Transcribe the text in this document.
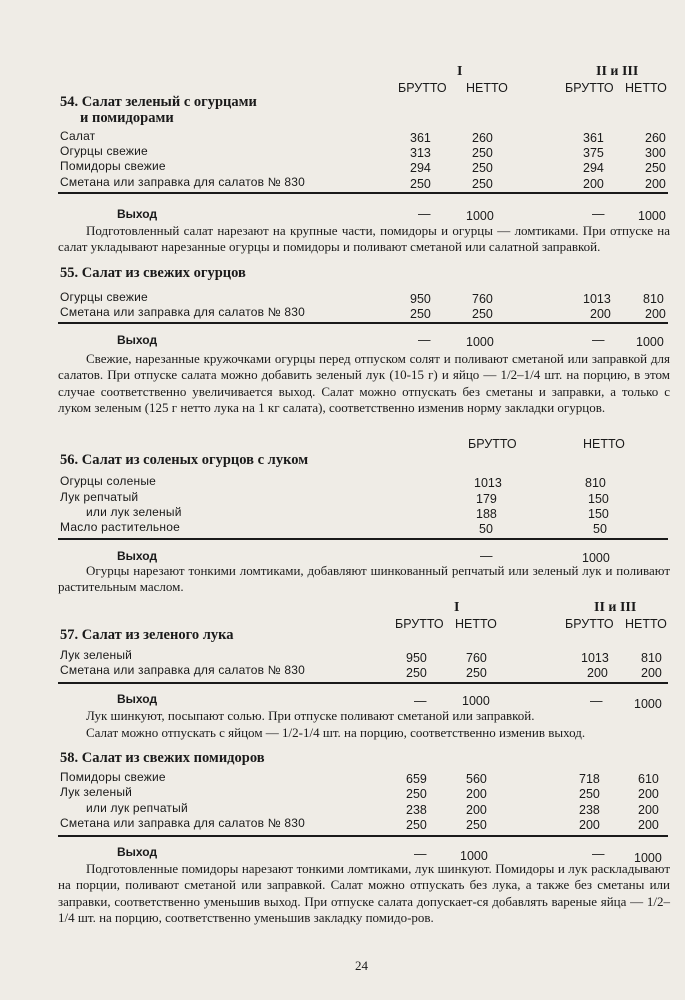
I	II и III
БРУТТО НЕТТО	БРУТТО НЕТТО
54. Салат зеленый с огурцами
и помидорами
Салат	361	260	361	260
Огурцы свежие	313	250	375	300
Помидоры свежие	294	250	294	250
Сметана или заправка для салатов № 830	250	250	200	200
Выход	—	1000	—	1000
Подготовленный салат нарезают на крупные части, помидоры и огурцы — ломтиками. При отпуске на салат укладывают нарезанные огурцы и помидоры и поливают сметаной или салатной заправкой.
55. Салат из свежих огурцов
Огурцы свежие	950	760	1013	810
Сметана или заправка для салатов № 830	250	250	200	200
Выход	—	1000	—	1000
Свежие, нарезанные кружочками огурцы перед отпуском солят и поливают сметаной или заправкой для салатов. При отпуске салата можно добавить зеленый лук (10-15 г) и яйцо — 1/2–1/4 шт. на порцию, в этом случае соответственно увеличивается выход. Салат можно отпускать без сметаны и заправки, а только с луком зеленым (125 г нетто лука на 1 кг салата), соответственно изменив норму закладки огурцов.
БРУТТО	НЕТТО
56. Салат из соленых огурцов с луком
Огурцы соленые	1013	810
Лук репчатый	179	150
или лук зеленый	188	150
Масло растительное	50	50
Выход	—	1000
Огурцы нарезают тонкими ломтиками, добавляют шинкованный репчатый или зеленый лук и поливают растительным маслом.
I	II и III
БРУТТО НЕТТО	БРУТТО НЕТТО
57. Салат из зеленого лука
Лук зеленый	950	760	1013	810
Сметана или заправка для салатов № 830	250	250	200	200
Выход	—	1000	—	1000
Лук шинкуют, посыпают солью. При отпуске поливают сметаной или заправкой.
Салат можно отпускать с яйцом — 1/2-1/4 шт. на порцию, соответственно изменив выход.
58. Салат из свежих помидоров
Помидоры свежие	659	560	718	610
Лук зеленый	250	200	250	200
или лук репчатый	238	200	238	200
Сметана или заправка для салатов № 830	250	250	200	200
Выход	—	1000	— 1000
Подготовленные помидоры нарезают тонкими ломтиками, лук шинкуют. Помидоры и лук раскладывают на порции, поливают сметаной или заправкой. Салат можно отпускать без лука, а также без сметаны или заправки, соответственно уменьшив выход. При отпуске салата допускает-ся добавлять вареные яйца — 1/2–1/4 шт. на порцию, соответственно уменьшив закладку помидо-ров.
24
